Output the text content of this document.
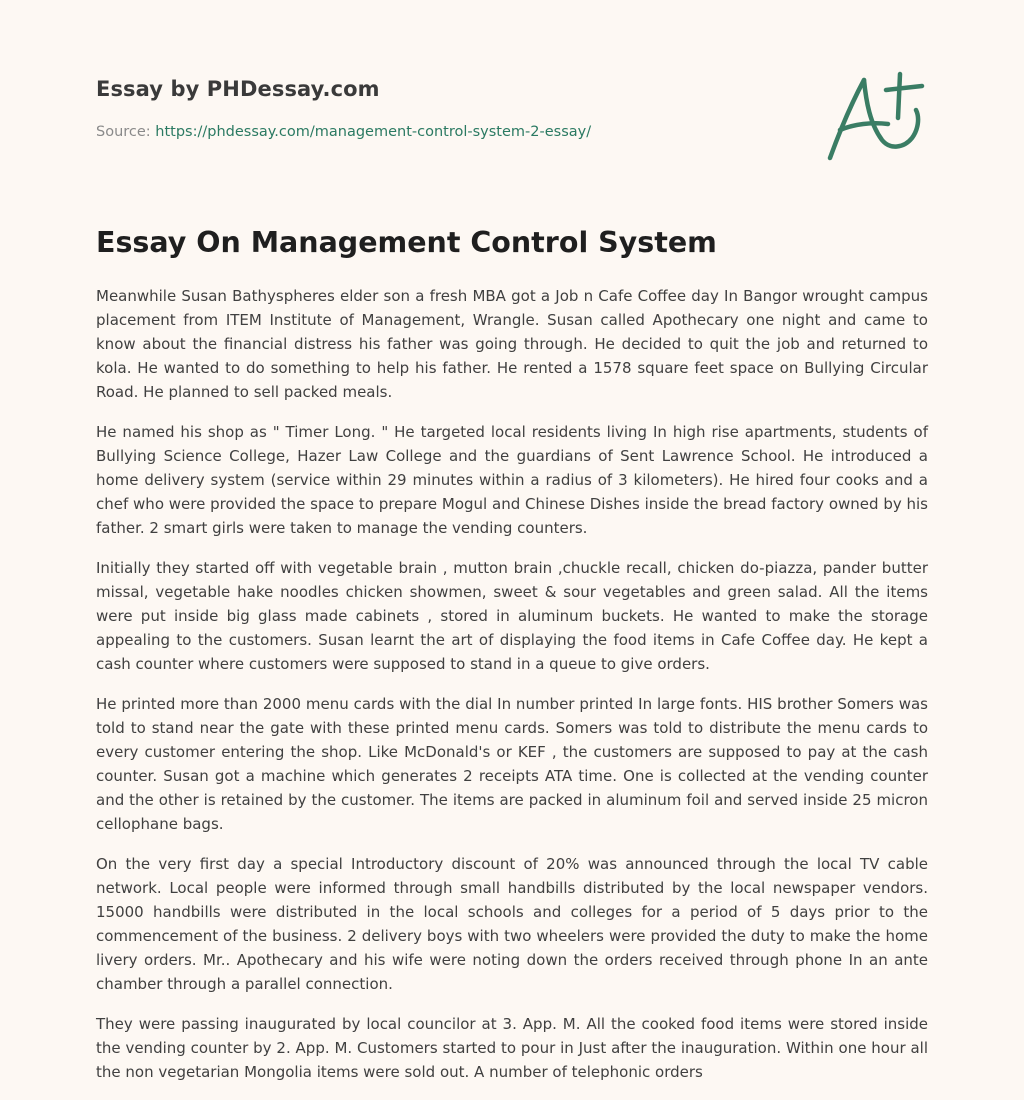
Essay by PHDessay.com
Source: https://phdessay.com/management-control-system-2-essay/
Essay On Management Control System

Meanwhile Susan Bathyspheres elder son a fresh MBA got a Job n Cafe Coffee day In Bangor wrought campus placement from ITEM Institute of Management, Wrangle. Susan called Apothecary one night and came to know about the financial distress his father was going through. He decided to quit the job and returned to kola. He wanted to do something to help his father. He rented a 1578 square feet space on Bullying Circular Road. He planned to sell packed meals.

He named his shop as " Timer Long. " He targeted local residents living In high rise apartments, students of Bullying Science College, Hazer Law College and the guardians of Sent Lawrence School. He introduced a home delivery system (service within 29 minutes within a radius of 3 kilometers). He hired four cooks and a chef who were provided the space to prepare Mogul and Chinese Dishes inside the bread factory owned by his father. 2 smart girls were taken to manage the vending counters.

Initially they started off with vegetable brain , mutton brain ,chuckle recall, chicken do-piazza, pander butter missal, vegetable hake noodles chicken showmen, sweet & sour vegetables and green salad. All the items were put inside big glass made cabinets , stored in aluminum buckets. He wanted to make the storage appealing to the customers. Susan learnt the art of displaying the food items in Cafe Coffee day. He kept a cash counter where customers were supposed to stand in a queue to give orders.

He printed more than 2000 menu cards with the dial In number printed In large fonts. HIS brother Somers was told to stand near the gate with these printed menu cards. Somers was told to distribute the menu cards to every customer entering the shop. Like McDonald's or KEF , the customers are supposed to pay at the cash counter. Susan got a machine which generates 2 receipts ATA time. One is collected at the vending counter and the other is retained by the customer. The items are packed in aluminum foil and served inside 25 micron cellophane bags.

On the very first day a special Introductory discount of 20% was announced through the local TV cable network. Local people were informed through small handbills distributed by the local newspaper vendors. 15000 handbills were distributed in the local schools and colleges for a period of 5 days prior to the commencement of the business. 2 delivery boys with two wheelers were provided the duty to make the home livery orders. Mr.. Apothecary and his wife were noting down the orders received through phone In an ante chamber through a parallel connection.

They were passing inaugurated by local councilor at 3. App. M. All the cooked food items were stored inside the vending counter by 2. App. M. Customers started to pour in Just after the inauguration. Within one hour all the non vegetarian Mongolia items were sold out. A number of telephonic orders
